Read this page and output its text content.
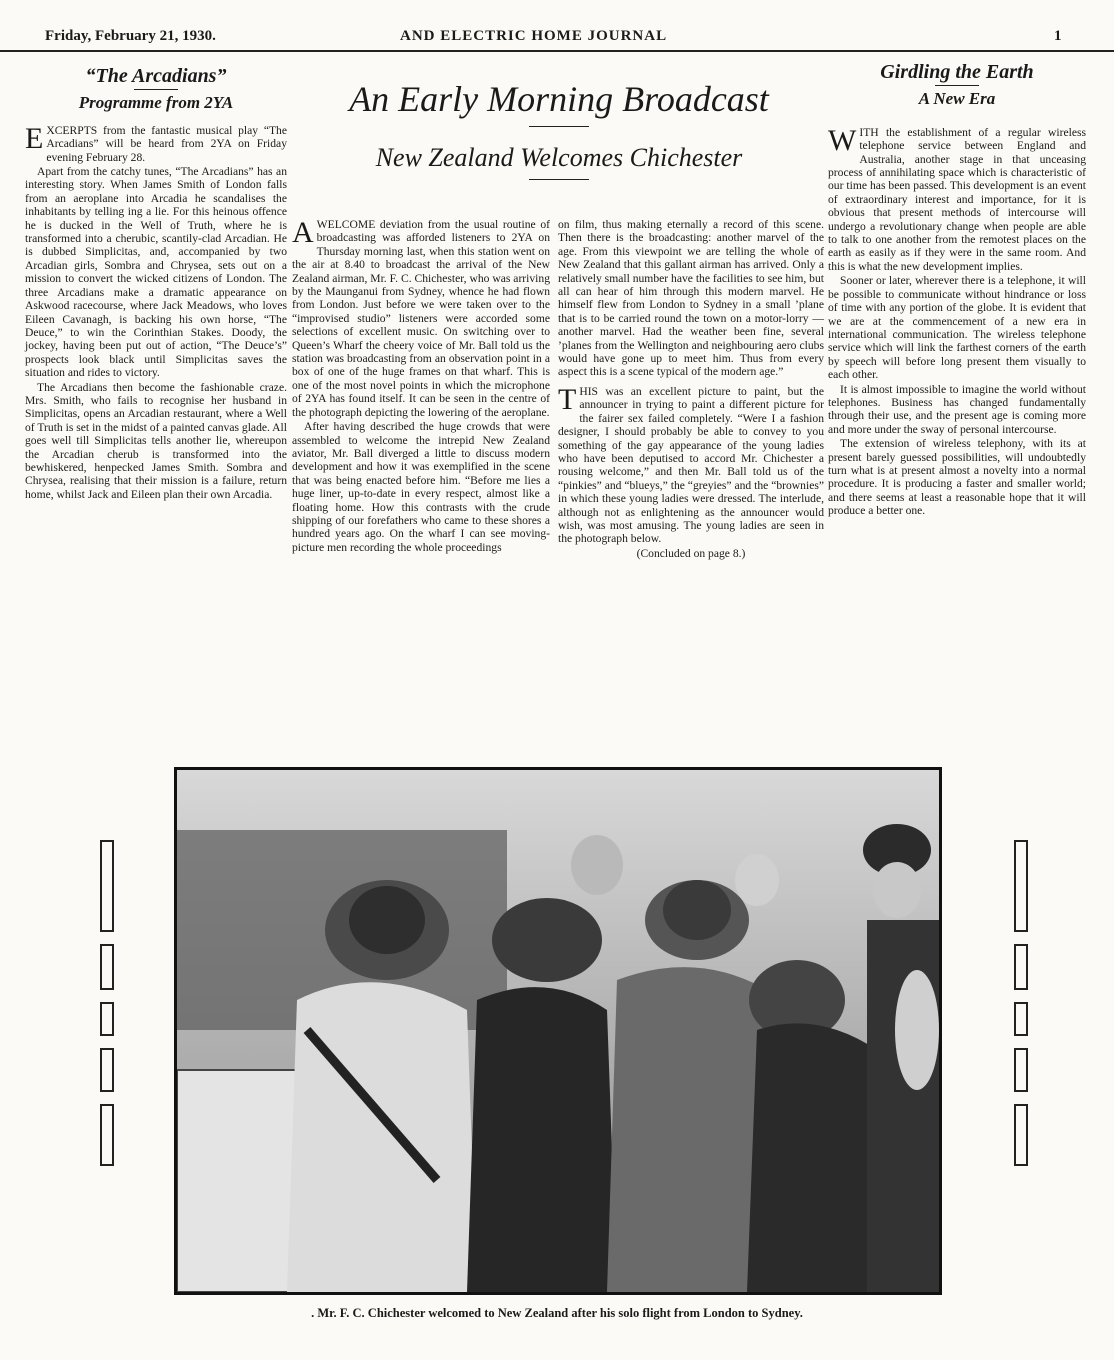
Friday, February 21, 1930.	AND ELECTRIC HOME JOURNAL	1
“The Arcadians”
Programme from 2YA

EXCERPTS from the fantastic musical play “The Arcadians” will be heard from 2YA on Friday evening February 28.

Apart from the catchy tunes, “The Arcadians” has an interesting story. When James Smith of London falls from an aeroplane into Arcadia he scandalises the inhabitants by telling ing a lie. For this heinous offence he is ducked in the Well of Truth, where he is transformed into a cherubic, scantily-clad Arcadian. He is dubbed Simplicitas, and, accompanied by two Arcadian girls, Sombra and Chrysea, sets out on a mission to convert the wicked citizens of London. The three Arcadians make a dramatic appearance on Askwood racecourse, where Jack Meadows, who loves Eileen Cavanagh, is backing his own horse, “The Deuce,” to win the Corinthian Stakes. Doody, the jockey, having been put out of action, “The Deuce’s” prospects look black until Simplicitas saves the situation and rides to victory.

The Arcadians then become the fashionable craze. Mrs. Smith, who fails to recognise her husband in Simplicitas, opens an Arcadian restaurant, where a Well of Truth is set in the midst of a painted canvas glade. All goes well till Simplicitas tells another lie, whereupon the Arcadian cherub is transformed into the bewhiskered, henpecked James Smith. Sombra and Chrysea, realising that their mission is a failure, return home, whilst Jack and Eileen plan their own Arcadia.

An Early Morning Broadcast
New Zealand Welcomes Chichester

AWELCOME deviation from the usual routine of broadcasting was afforded listeners to 2YA on Thursday morning last, when this station went on the air at 8.40 to broadcast the arrival of the New Zealand airman, Mr. F. C. Chichester, who was arriving by the Maunganui from Sydney, whence he had flown from London. Just before we were taken over to the “improvised studio” listeners were accorded some selections of excellent music. On switching over to Queen’s Wharf the cheery voice of Mr. Ball told us the station was broadcasting from an observation point in a box of one of the huge frames on that wharf. This is one of the most novel points in which the microphone of 2YA has found itself. It can be seen in the centre of the photograph depicting the lowering of the aeroplane.

After having described the huge crowds that were assembled to welcome the intrepid New Zealand aviator, Mr. Ball diverged a little to discuss modern development and how it was exemplified in the scene that was being enacted before him. “Before me lies a huge liner, up-to-date in every respect, almost like a floating home. How this contrasts with the crude shipping of our forefathers who came to these shores a hundred years ago. On the wharf I can see moving-picture men recording the whole proceedings

on film, thus making eternally a record of this scene. Then there is the broadcasting: another marvel of the age. From this viewpoint we are telling the whole of New Zealand that this gallant airman has arrived. Only a relatively small number have the facilities to see him, but all can hear of him through this modern marvel. He himself flew from London to Sydney in a small ’plane that is to be carried round the town on a motor-lorry —another marvel. Had the weather been fine, several ’planes from the Wellington and neighbouring aero clubs would have gone up to meet him. Thus from every aspect this is a scene typical of the modern age.”

THIS was an excellent picture to paint, but the announcer in trying to paint a different picture for the fairer sex failed completely. “Were I a fashion designer, I should probably be able to convey to you something of the gay appearance of the young ladies who have been deputised to accord Mr. Chichester a rousing welcome,” and then Mr. Ball told us of the “pinkies” and “blueys,” the “greyies” and the “brownies” in which these young ladies were dressed. The interlude, although not as enlightening as the announcer would wish, was most amusing. The young ladies are seen in the photograph below.

(Concluded on page 8.)

Girdling the Earth
A New Era

WITH the establishment of a regular wireless telephone service between England and Australia, another stage in that unceasing process of annihilating space which is characteristic of our time has been passed. This development is an event of extraordinary interest and importance, for it is obvious that present methods of intercourse will undergo a revolutionary change when people are able to talk to one another from the remotest places on the earth as easily as if they were in the same room. And this is what the new development implies.

Sooner or later, wherever there is a telephone, it will be possible to communicate without hindrance or loss of time with any portion of the globe. It is evident that we are at the commencement of a new era in international communication. The wireless telephone service which will link the farthest corners of the earth by speech will before long present them visually to each other.

It is almost impossible to imagine the world without telephones. Business has changed fundamentally through their use, and the present age is coming more and more under the sway of personal intercourse.

The extension of wireless telephony, with its at present barely guessed possibilities, will undoubtedly turn what is at present almost a novelty into a normal procedure. It is producing a faster and smaller world; and there seems at least a reasonable hope that it will produce a better one.

. Mr. F. C. Chichester welcomed to New Zealand after his solo flight from London to Sydney.
